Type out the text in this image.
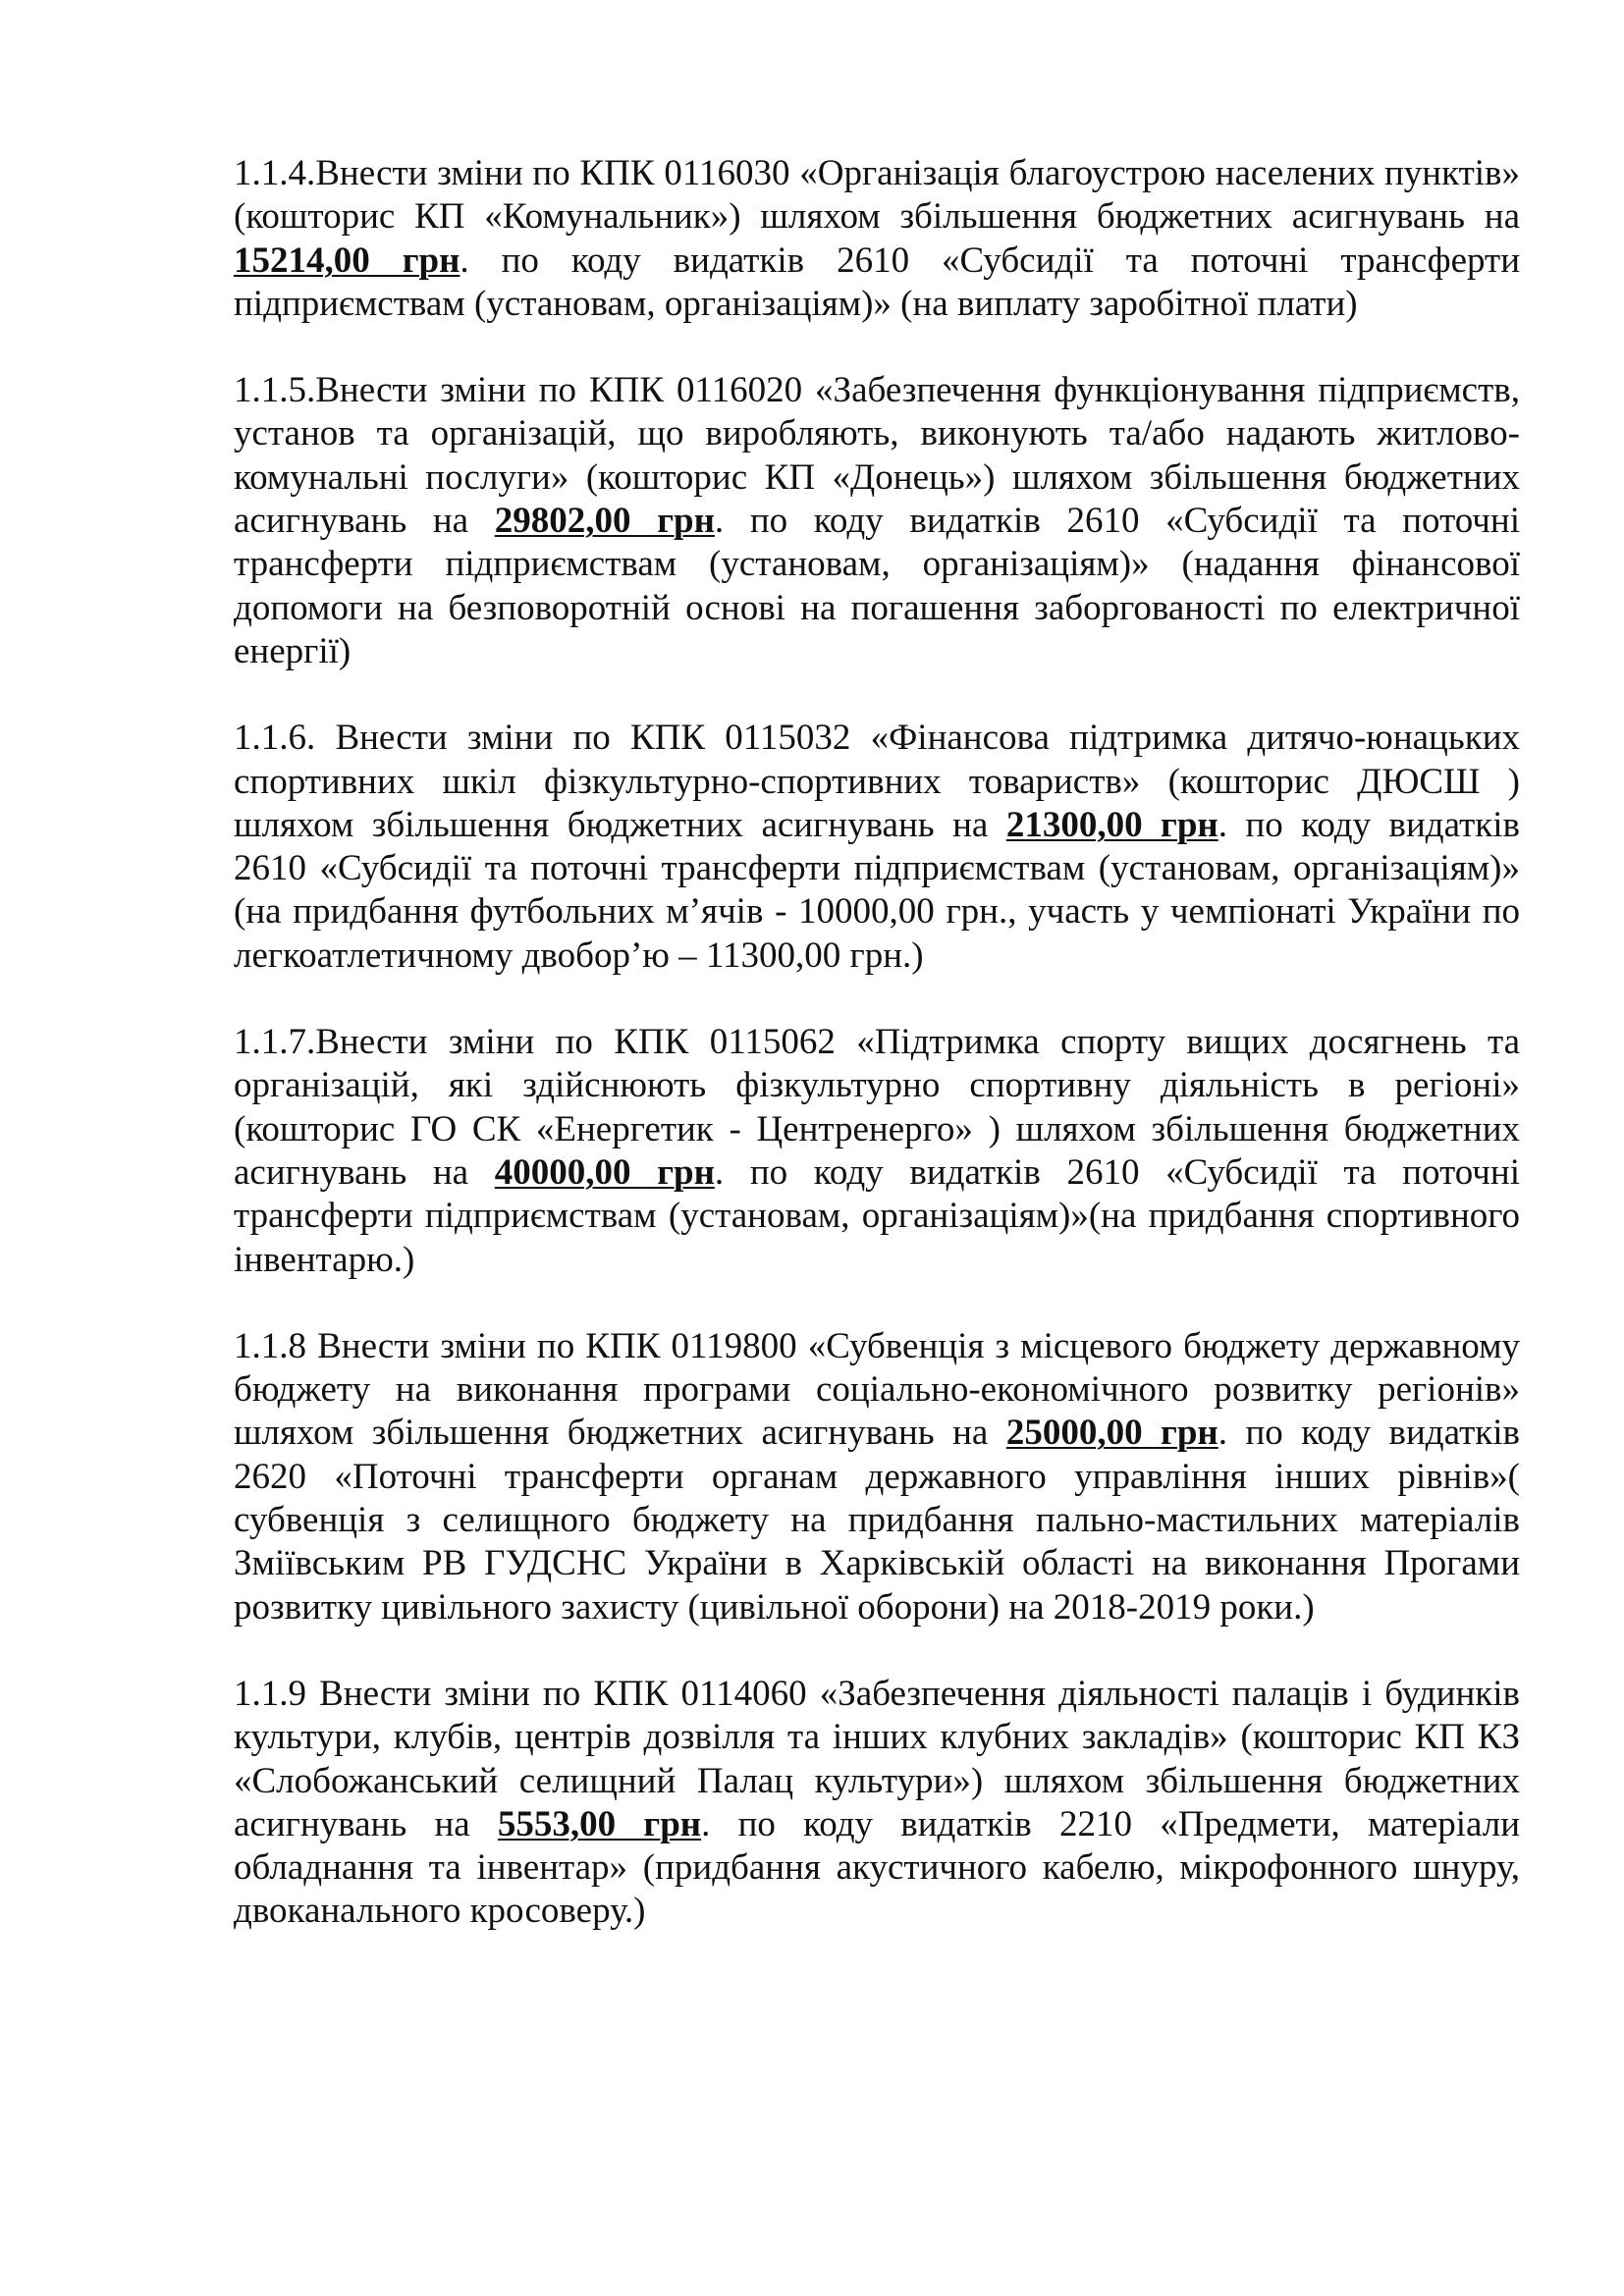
1.1.4.Внести зміни по КПК 0116030 «Організація благоустрою населених пунктів» (кошторис КП «Комунальник») шляхом збільшення бюджетних асигнувань на 15214,00 грн. по коду видатків 2610 «Субсидії та поточні трансферти підприємствам (установам, організаціям)» (на виплату заробітної плати)

1.1.5.Внести зміни по КПК 0116020 «Забезпечення функціонування підприємств, установ та організацій, що виробляють, виконують та/або надають житлово-комунальні послуги» (кошторис КП «Донець») шляхом збільшення бюджетних асигнувань на 29802,00 грн. по коду видатків 2610 «Субсидії та поточні трансферти підприємствам (установам, організаціям)» (надання фінансової допомоги на безповоротній основі на погашення заборгованості по електричної енергії)

1.1.6. Внести зміни по КПК 0115032 «Фінансова підтримка дитячо-юнацьких спортивних шкіл фізкультурно-спортивних товариств» (кошторис ДЮСШ ) шляхом збільшення бюджетних асигнувань на 21300,00 грн. по коду видатків 2610 «Субсидії та поточні трансферти підприємствам (установам, організаціям)» (на придбання футбольних м’ячів - 10000,00 грн., участь у чемпіонаті України по легкоатлетичному двобор’ю – 11300,00 грн.)

1.1.7.Внести зміни по КПК 0115062 «Підтримка спорту вищих досягнень та організацій, які здійснюють фізкультурно спортивну діяльність в регіоні» (кошторис ГО СК «Енергетик - Центренерго» ) шляхом збільшення бюджетних асигнувань на 40000,00 грн. по коду видатків 2610 «Субсидії та поточні трансферти підприємствам (установам, організаціям)»(на придбання спортивного інвентарю.)

1.1.8 Внести зміни по КПК 0119800 «Субвенція з місцевого бюджету державному бюджету на виконання програми соціально-економічного розвитку регіонів» шляхом збільшення бюджетних асигнувань на 25000,00 грн. по коду видатків 2620 «Поточні трансферти органам державного управління інших рівнів»( субвенція з селищного бюджету на придбання пально-мастильних матеріалів Зміївським РВ ГУДСНС України в Харківській області на виконання Прогами розвитку цивільного захисту (цивільної оборони) на 2018-2019 роки.)

1.1.9 Внести зміни по КПК 0114060 «Забезпечення діяльності палаців і будинків культури, клубів, центрів дозвілля та інших клубних закладів» (кошторис КП КЗ «Слобожанський селищний Палац культури») шляхом збільшення бюджетних асигнувань на 5553,00 грн. по коду видатків 2210 «Предмети, матеріали обладнання та інвентар» (придбання акустичного кабелю, мікрофонного шнуру, двоканального кросоверу.)
